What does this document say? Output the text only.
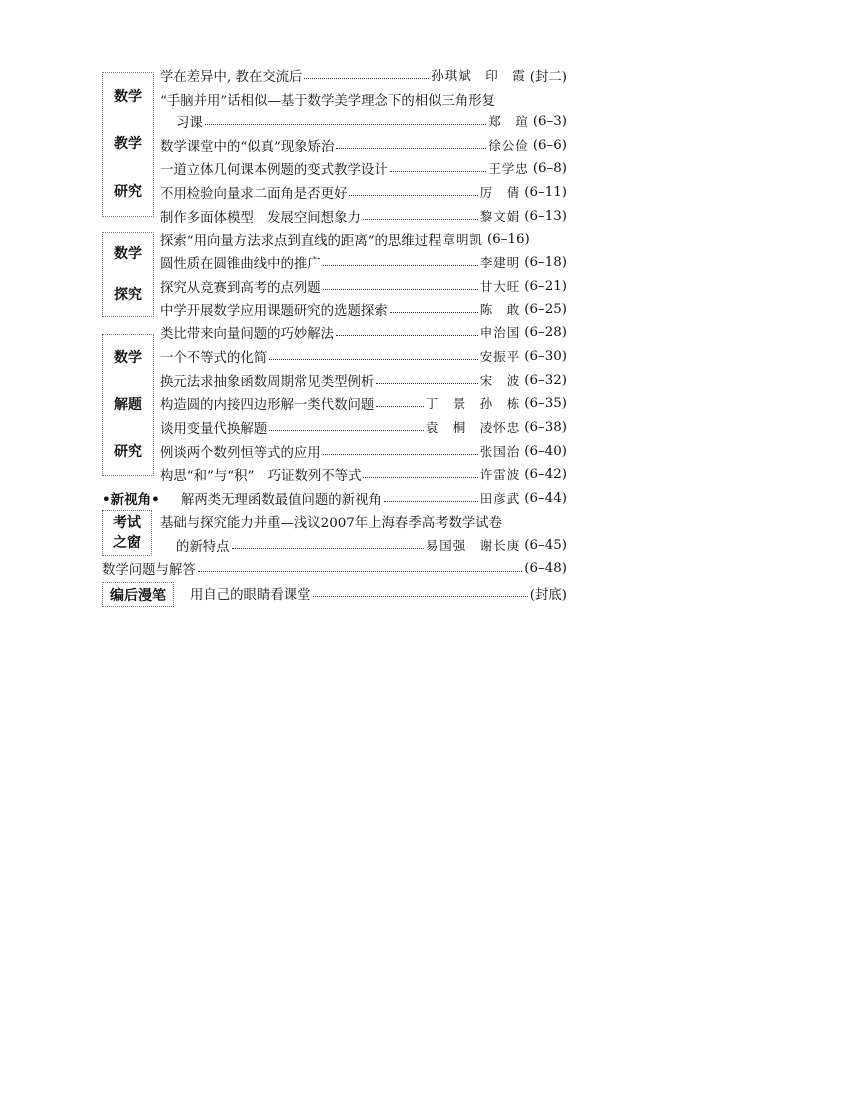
数学
教学
研究
学在差异中, 教在交流后	孙琪斌　印　霞 (封二)
“手脑并用”话相似—基于数学美学理念下的相似三角形复
习课	郑　瑄 (6–3)
数学课堂中的“似真”现象矫治	徐公俭 (6–6)
一道立体几何课本例题的变式教学设计	王学忠 (6–8)
不用检验向量求二面角是否更好	厉　倩 (6–11)
制作多面体模型　发展空间想象力	黎文娟 (6–13)
数学
探究
探索“用向量方法求点到直线的距离”的思维过程 章明凯 (6–16)
圆性质在圆锥曲线中的推广	李建明 (6–18)
探究从竞赛到高考的点列题	甘大旺 (6–21)
中学开展数学应用课题研究的选题探索	陈　敢 (6–25)
数学
解题
研究
类比带来向量问题的巧妙解法	申治国 (6–28)
一个不等式的化简	安振平 (6–30)
换元法求抽象函数周期常见类型例析	宋　波 (6–32)
构造圆的内接四边形解一类代数问题	丁　景　孙　栋 (6–35)
谈用变量代换解题	袁　桐　凌怀忠 (6–38)
例谈两个数列恒等式的应用	张国治 (6–40)
构思“和”与“积”　巧证数列不等式	许雷波 (6–42)
•新视角• 解两类无理函数最值问题的新视角	田彦武 (6–44)
考试
之窗
基础与探究能力并重—浅议2007年上海春季高考数学试卷
的新特点	易国强　谢长庚 (6–45)
数学问题与解答	(6–48)
编后漫笔	用自己的眼睛看课堂	(封底)
